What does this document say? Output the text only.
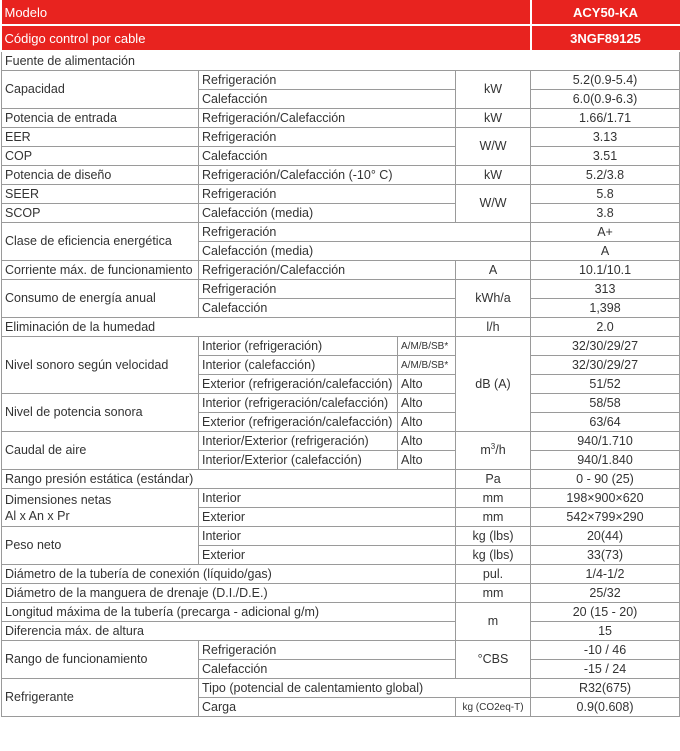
Modelo				ACY50-KA
Código control por cable				3NGF89125
Fuente de alimentación				
Capacidad	Refrigeración		kW	5.2(0.9-5.4)
	Calefacción			6.0(0.9-6.3)
Potencia de entrada	Refrigeración/Calefacción		kW	1.66/1.71
EER	Refrigeración		W/W	3.13
COP	Calefacción			3.51
Potencia de diseño	Refrigeración/Calefacción (-10° C)		kW	5.2/3.8
SEER	Refrigeración		W/W	5.8
SCOP	Calefacción (media)			3.8
Clase de eficiencia energética	Refrigeración			A+
	Calefacción (media)			A
Corriente máx. de funcionamiento	Refrigeración/Calefacción		A	10.1/10.1
Consumo de energía anual	Refrigeración		kWh/a	313
	Calefacción			1,398
Eliminación de la humedad			l/h	2.0
Nivel sonoro según velocidad	Interior (refrigeración)	A/M/B/SB*	dB (A)	32/30/29/27
	Interior (calefacción)	A/M/B/SB*		32/30/29/27
	Exterior (refrigeración/calefacción)	Alto		51/52
Nivel de potencia sonora	Interior (refrigeración/calefacción)	Alto		58/58
	Exterior (refrigeración/calefacción)	Alto		63/64
Caudal de aire	Interior/Exterior (refrigeración)	Alto	$m^3/h$	940/1.710
	Interior/Exterior (calefacción)	Alto		940/1.840
Rango presión estática (estándar)			Pa	0 - 90 (25)
Dimensiones netas
Al x An x Pr	Interior		mm	198×900×620
	Exterior		mm	542×799×290
Peso neto	Interior		kg (lbs)	20(44)
	Exterior		kg (lbs)	33(73)
Diámetro de la tubería de conexión (líquido/gas)			pul.	1/4-1/2
Diámetro de la manguera de drenaje (D.I./D.E.)			mm	25/32
Longitud máxima de la tubería (precarga - adicional g/m)			m	20 (15 - 20)
Diferencia máx. de altura				15
Rango de funcionamiento	Refrigeración		°CBS	-10 / 46
	Calefacción			-15 / 24
Refrigerante	Tipo (potencial de calentamiento global)			R32(675)
	Carga		kg (CO2eq-T)	0.9(0.608)
